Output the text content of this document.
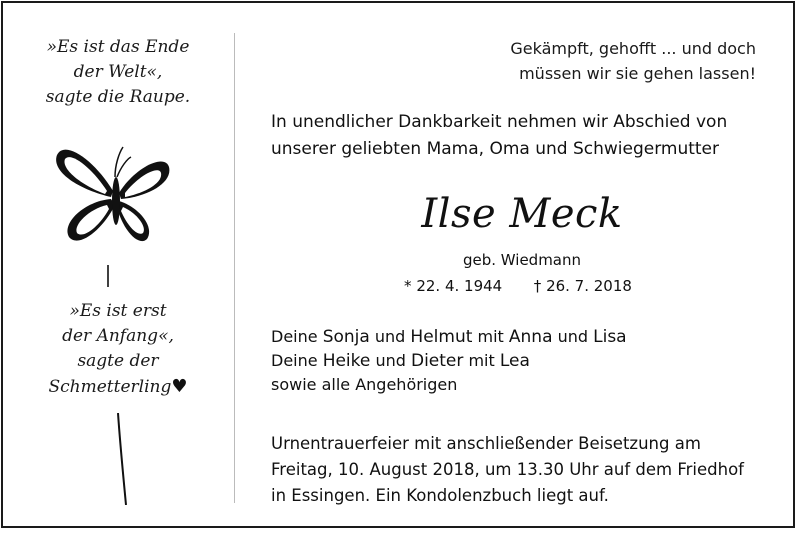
»Es ist das Ende
der Welt«,
sagte die Raupe.
»Es ist erst
der Anfang«,
sagte der
Schmetterling♥

Gekämpft, gehofft ... und doch

müssen wir sie gehen lassen!

In unendlicher Dankbarkeit nehmen wir Abschied von

unserer geliebten Mama, Oma und Schwiegermutter

Ilse Meck
geb. Wiedmann
* 22. 4. 1944 † 26. 7. 2018

Deine Sonja und Helmut mit Anna und Lisa

Deine Heike und Dieter mit Lea

sowie alle Angehörigen

Urnentrauerfeier mit anschließender Beisetzung am

Freitag, 10. August 2018, um 13.30 Uhr auf dem Friedhof

in Essingen. Ein Kondolenzbuch liegt auf.
